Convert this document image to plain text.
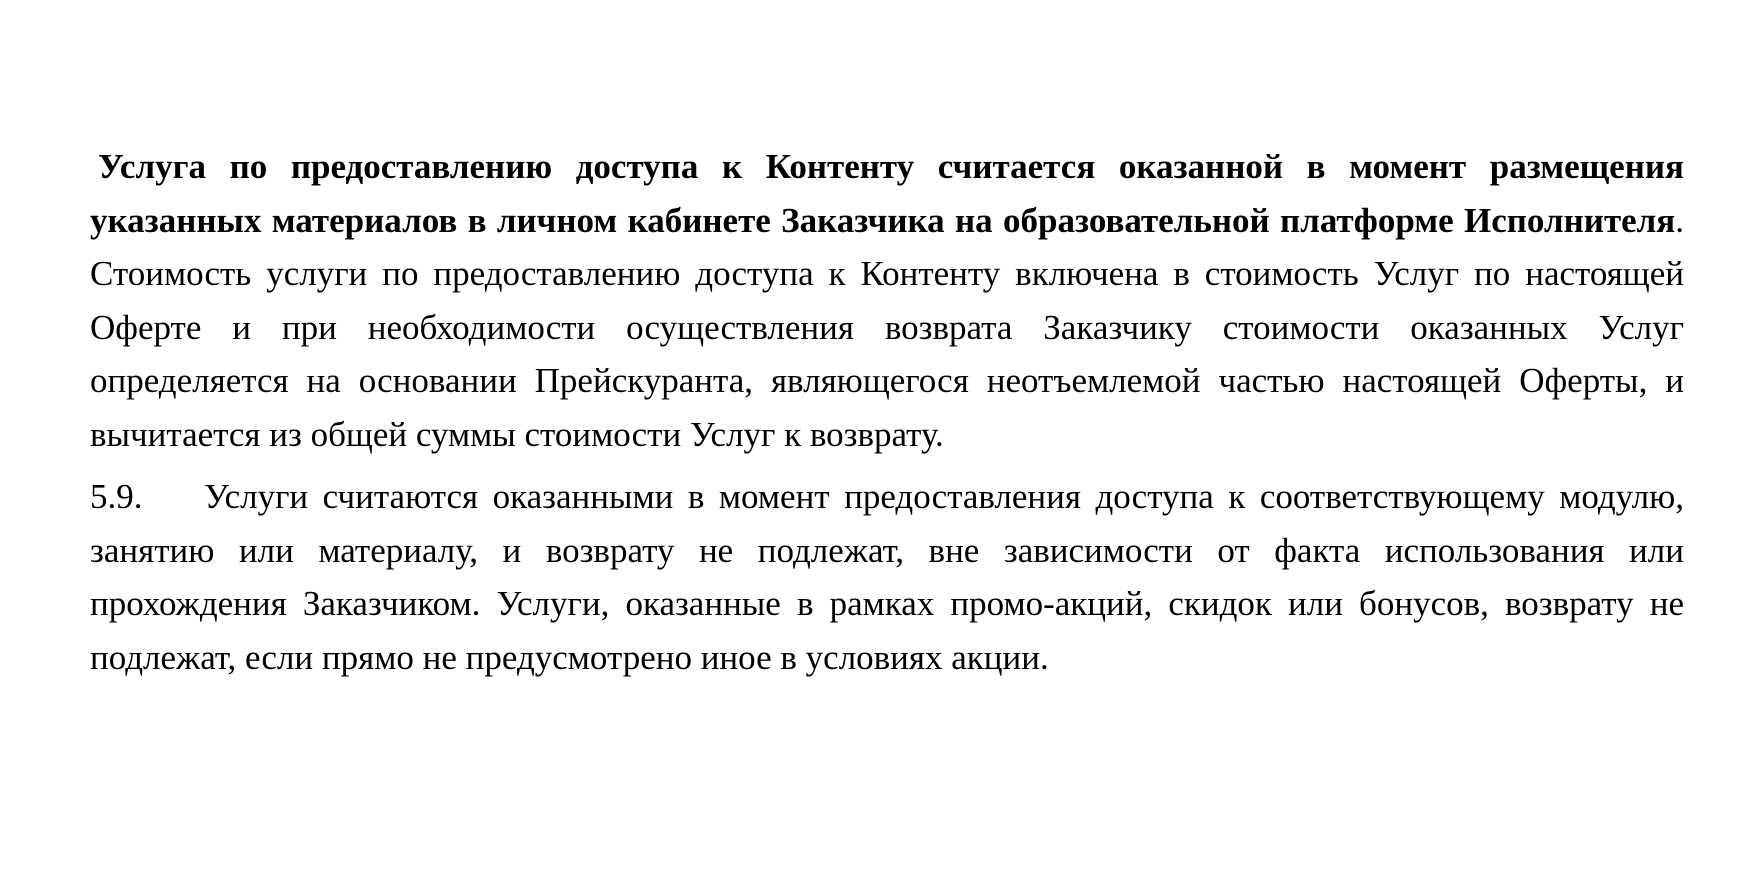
Услуга по предоставлению доступа к Контенту считается оказанной в момент размещения указанных материалов в личном кабинете Заказчика на образовательной платформе Исполнителя. Стоимость услуги по предоставлению доступа к Контенту включена в стоимость Услуг по настоящей Оферте и при необходимости осуществления возврата Заказчику стоимости оказанных Услуг определяется на основании Прейскуранта, являющегося неотъемлемой частью настоящей Оферты, и вычитается из общей суммы стоимости Услуг к возврату.

5.9. Услуги считаются оказанными в момент предоставления доступа к соответствующему модулю, занятию или материалу, и возврату не подлежат, вне зависимости от факта использования или прохождения Заказчиком. Услуги, оказанные в рамках промо-акций, скидок или бонусов, возврату не подлежат, если прямо не предусмотрено иное в условиях акции.
